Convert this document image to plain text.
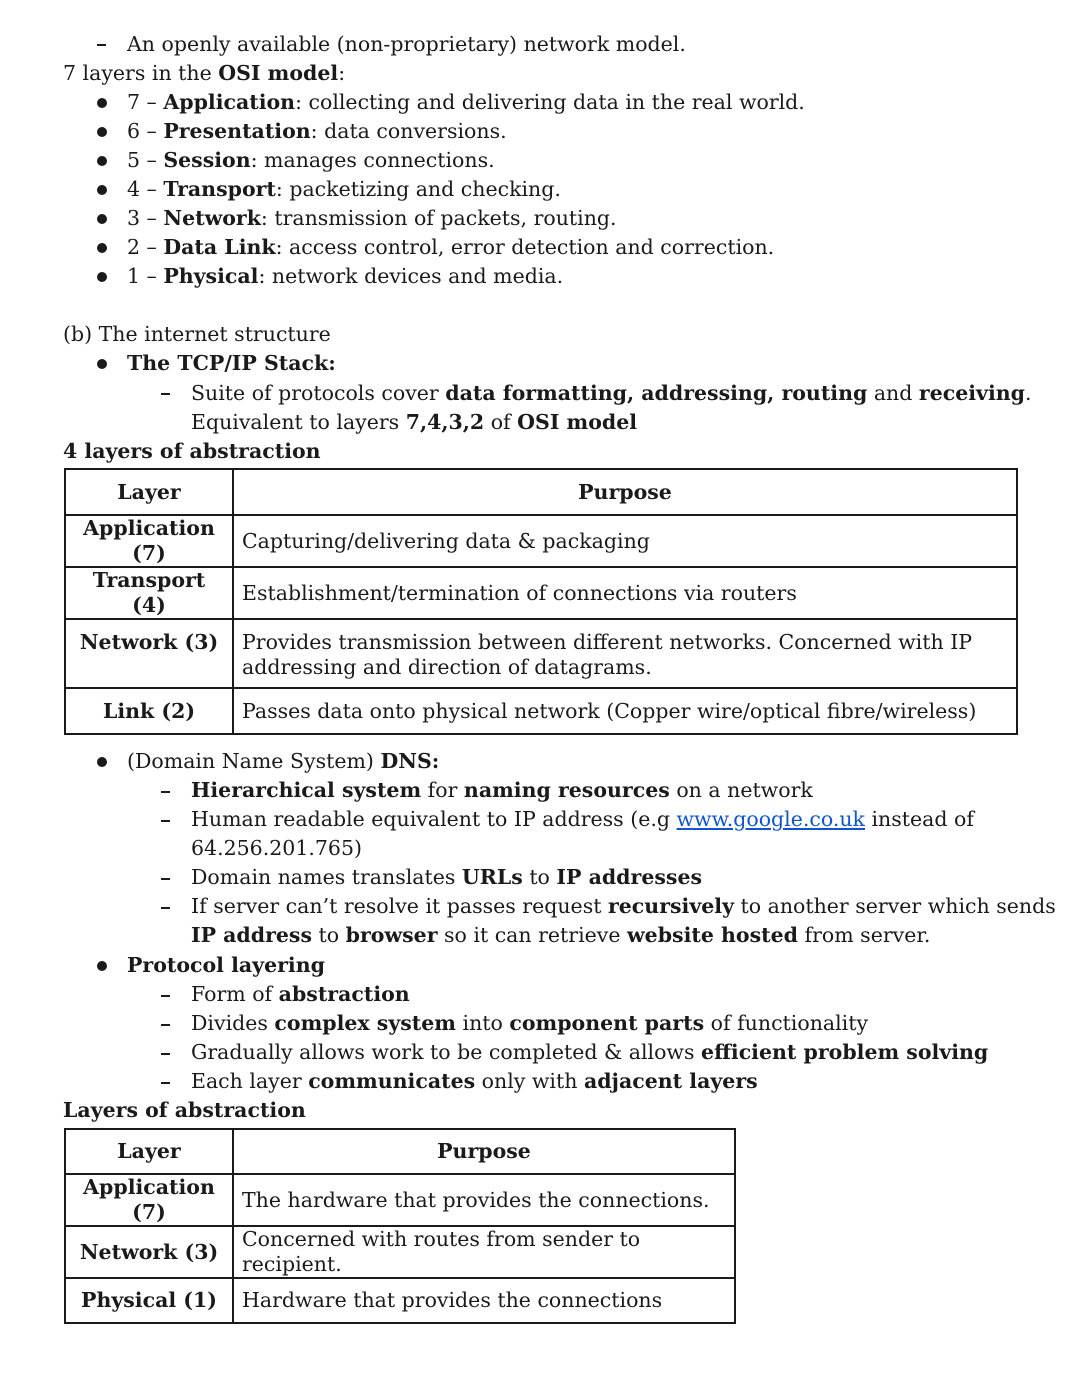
An openly available (non-proprietary) network model.
7 layers in the OSI model:
7 – Application: collecting and delivering data in the real world.
6 – Presentation: data conversions.
5 – Session: manages connections.
4 – Transport: packetizing and checking.
3 – Network: transmission of packets, routing.
2 – Data Link: access control, error detection and correction.
1 – Physical: network devices and media.
(b) The internet structure
The TCP/IP Stack:
Suite of protocols cover data formatting, addressing, routing and receiving.
Equivalent to layers 7,4,3,2 of OSI model
4 layers of abstraction
Layer	Purpose
Application (7)	Capturing/delivering data & packaging
Transport (4)	Establishment/termination of connections via routers
Network (3)	Provides transmission between different networks. Concerned with IP
addressing and direction of datagrams.

Link (2)	Passes data onto physical network (Copper wire/optical fibre/wireless)
(Domain Name System) DNS:
Hierarchical system for naming resources on a network
Human readable equivalent to IP address (e.g www.google.co.uk instead of
64.256.201.765)
Domain names translates URLs to IP addresses
If server can’t resolve it passes request recursively to another server which sends
IP address to browser so it can retrieve website hosted from server.
Protocol layering
Form of abstraction
Divides complex system into component parts of functionality
Gradually allows work to be completed & allows efficient problem solving
Each layer communicates only with adjacent layers
Layers of abstraction
Layer	Purpose
Application (7)	The hardware that provides the connections.
Network (3)	Concerned with routes from sender to recipient.
Physical (1)	Hardware that provides the connections
